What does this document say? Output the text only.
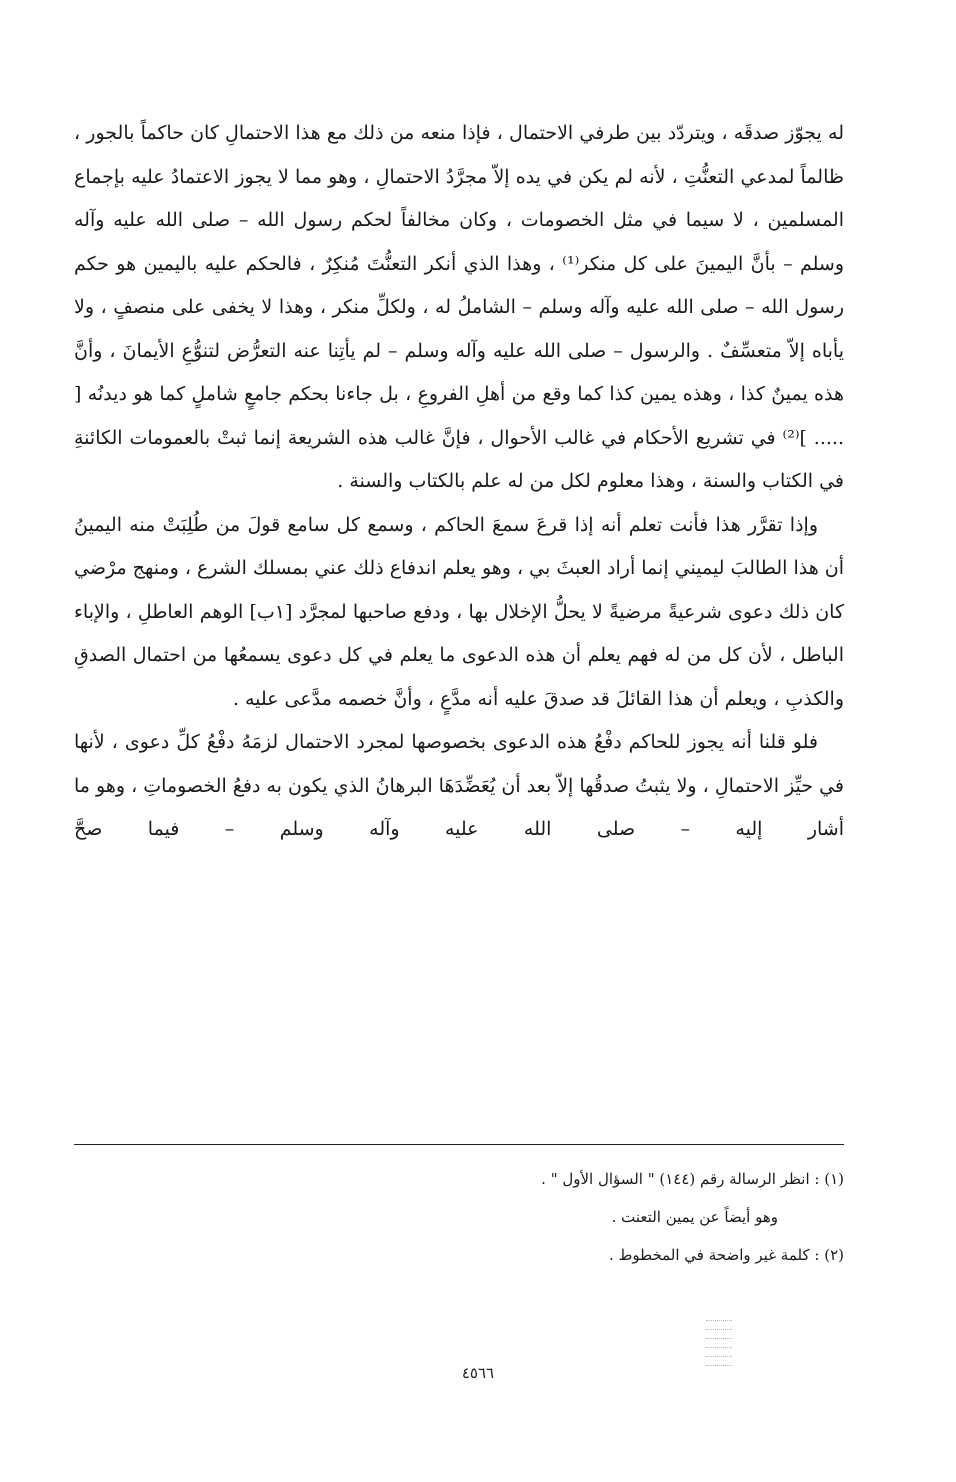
له يجوّز صدقَه ، ويتردّد بين طرفي الاحتمال ، فإذا منعه من ذلك مع هذا الاحتمالِ كان حاكماً بالجور ، ظالماً لمدعي التعنُّتِ ، لأنه لم يكن في يده إلاّ مجرَّدُ الاحتمالِ ، وهو مما لا يجوز الاعتمادُ عليه بإجماع المسلمين ، لا سيما في مثل الخصومات ، وكان مخالفاً لحكم رسول الله – صلى الله عليه وآله وسلم – بأنَّ اليمينَ على كل منكر⁽¹⁾ ، وهذا الذي أنكر التعنُّتَ مُنكِرٌ ، فالحكم عليه باليمين هو حكم رسول الله – صلى الله عليه وآله وسلم – الشاملُ له ، ولكلِّ منكر ، وهذا لا يخفى على منصفٍ ، ولا يأباه إلاّ متعسِّفٌ . والرسول – صلى الله عليه وآله وسلم – لم يأتِنا عنه التعرُّض لتنوُّعِ الأيمانَ ، وأنَّ هذه يمينٌ كذا ، وهذه يمين كذا كما وقع من أهلِ الفروعِ ، بل جاءنا بحكم جامعٍ شاملٍ كما هو ديدنُه [ ..... ]⁽²⁾ في تشريع الأحكام في غالب الأحوال ، فإنَّ غالب هذه الشريعة إنما ثبتْ بالعمومات الكائنةِ في الكتاب والسنة ، وهذا معلوم لكل من له علم بالكتاب والسنة .

وإذا تقرَّر هذا فأنت تعلم أنه إذا قرعَ سمعَ الحاكم ، وسمع كل سامع قولَ من طُلِبَتْ منه اليمينُ أن هذا الطالبَ ليميني إنما أراد العبثَ بي ، وهو يعلم اندفاع ذلك عني بمسلك الشرع ، ومنهج مرْضي كان ذلك دعوى شرعيةً مرضيةً لا يحلُّ الإخلال بها ، ودفع صاحبها لمجرَّد [١ب] الوهم العاطلِ ، والإباء الباطل ، لأن كل من له فهم يعلم أن هذه الدعوى ما يعلم في كل دعوى يسمعُها من احتمال الصدقِ والكذبِ ، ويعلم أن هذا القائلَ قد صدقَ عليه أنه مدَّعٍ ، وأنَّ خصمه مدَّعى عليه .

فلو قلنا أنه يجوز للحاكم دفْعُ هذه الدعوى بخصوصها لمجرد الاحتمال لزمَهُ دفْعُ كلِّ دعوى ، لأنها في حيِّز الاحتمالِ ، ولا يثبتُ صدقُها إلاّ بعد أن يُعَضِّدَهَا البرهانُ الذي يكون به دفعُ الخصوماتِ ، وهو ما أشار إليه – صلى الله عليه وآله وسلم – فيما صحَّ

(١) : انظر الرسالة رقم (١٤٤) " السؤال الأول " .

وهو أيضاً عن يمين التعنت .

(٢) : كلمة غير واضحة في المخطوط .

٤٥٦٦
